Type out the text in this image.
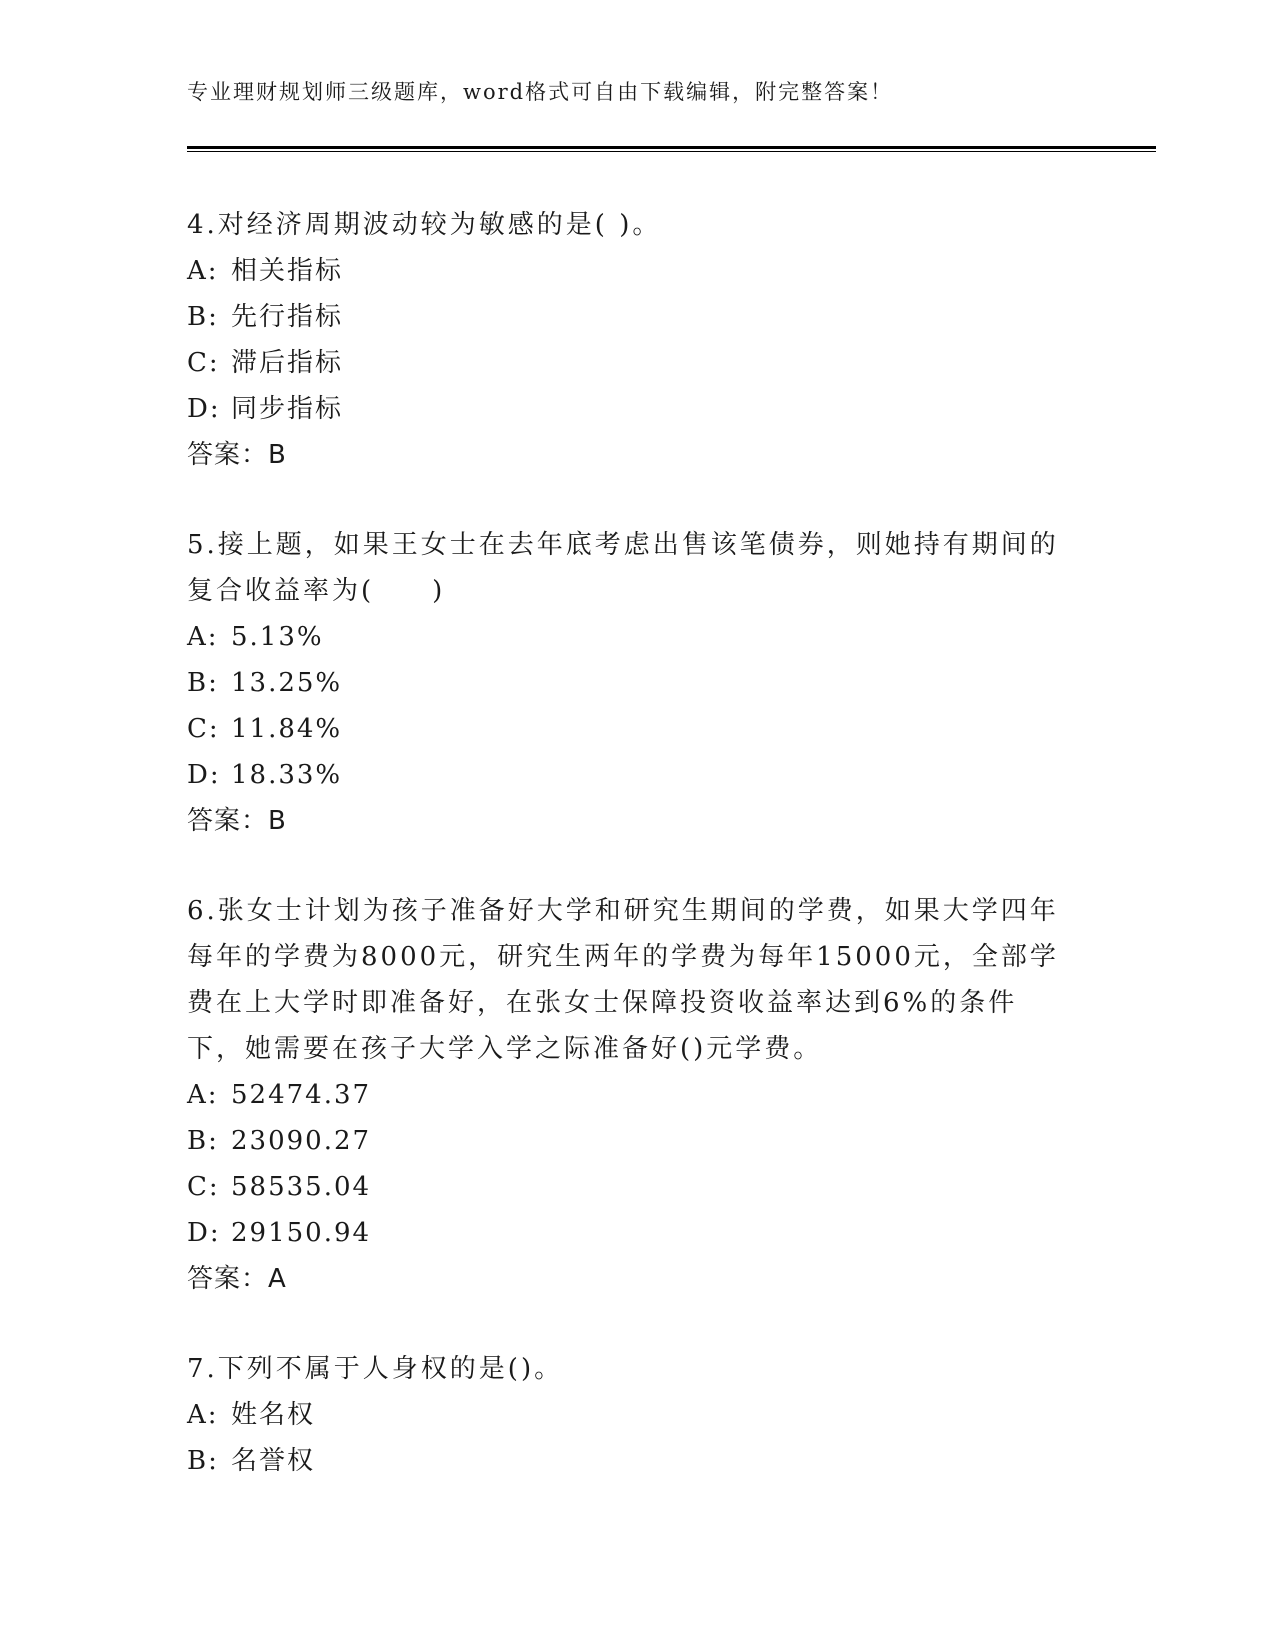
专业理财规划师三级题库，word格式可自由下载编辑，附完整答案！
4.对经济周期波动较为敏感的是( )。
A: 相关指标
B: 先行指标
C: 滞后指标
D: 同步指标
答案：B
5.接上题，如果王女士在去年底考虑出售该笔债券，则她持有期间的复合收益率为(　　)
A: 5.13%
B: 13.25%
C: 11.84%
D: 18.33%
答案：B
6.张女士计划为孩子准备好大学和研究生期间的学费，如果大学四年每年的学费为8000元，研究生两年的学费为每年15000元，全部学费在上大学时即准备好，在张女士保障投资收益率达到6%的条件下，她需要在孩子大学入学之际准备好()元学费。
A: 52474.37
B: 23090.27
C: 58535.04
D: 29150.94
答案：A
7.下列不属于人身权的是()。
A: 姓名权
B: 名誉权
